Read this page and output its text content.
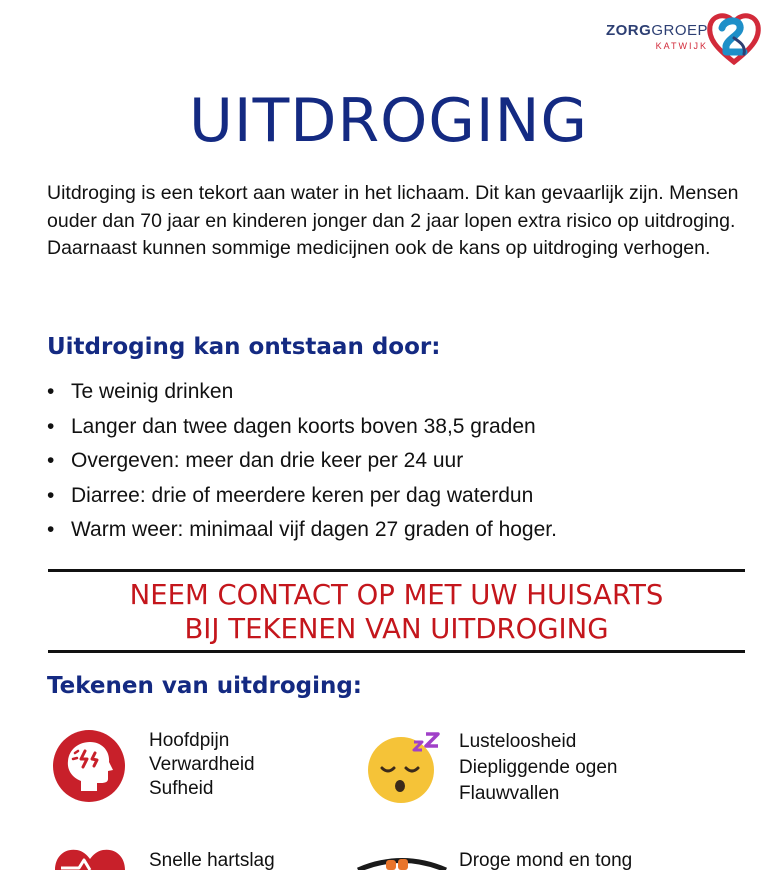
ZORGGROEP
KATWIJK
UITDROGING

Uitdroging is een tekort aan water in het lichaam. Dit kan gevaarlijk zijn. Mensen ouder dan 70 jaar en kinderen jonger dan 2 jaar lopen extra risico op uitdroging. Daarnaast kunnen sommige medicijnen ook de kans op uitdroging verhogen.

Uitdroging kan ontstaan door:
• Te weinig drinken
• Langer dan twee dagen koorts boven 38,5 graden
• Overgeven: meer dan drie keer per 24 uur
• Diarree: drie of meerdere keren per dag waterdun
• Warm weer: minimaal vijf dagen 27 graden of hoger.
NEEM CONTACT OP MET UW HUISARTS
BIJ TEKENEN VAN UITDROGING
Tekenen van uitdroging:
Hoofdpijn
Verwardheid
Sufheid
Lusteloosheid
Diepliggende ogen
Flauwvallen
Snelle hartslag	Droge mond en tong
